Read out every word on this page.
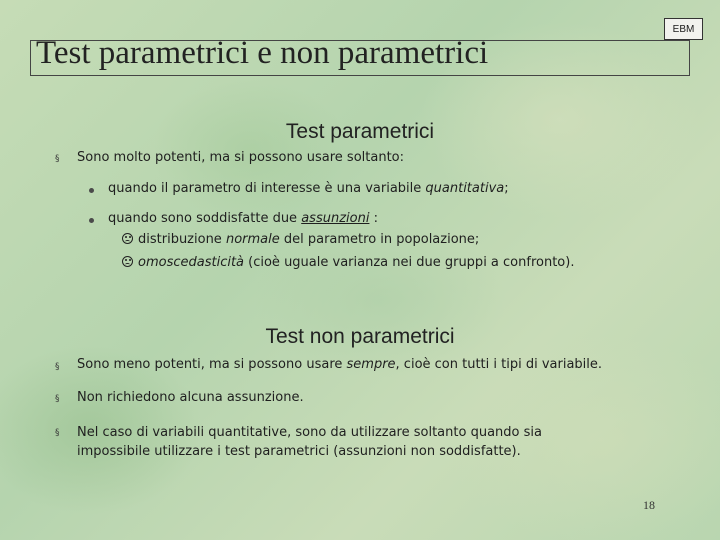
EBM
Test parametrici e non parametrici
Test parametrici
§ Sono molto potenti, ma si possono usare soltanto:
quando il parametro di interesse è una variabile quantitativa;
quando sono soddisfatte due assunzioni :
distribuzione normale del parametro in popolazione;
omoscedasticità (cioè uguale varianza nei due gruppi a confronto).
Test non parametrici
§ Sono meno potenti, ma si possono usare sempre, cioè con tutti i tipi di variabile.
§ Non richiedono alcuna assunzione.
§ Nel caso di variabili quantitative, sono da utilizzare soltanto quando sia
impossibile utilizzare i test parametrici (assunzioni non soddisfatte).
18
